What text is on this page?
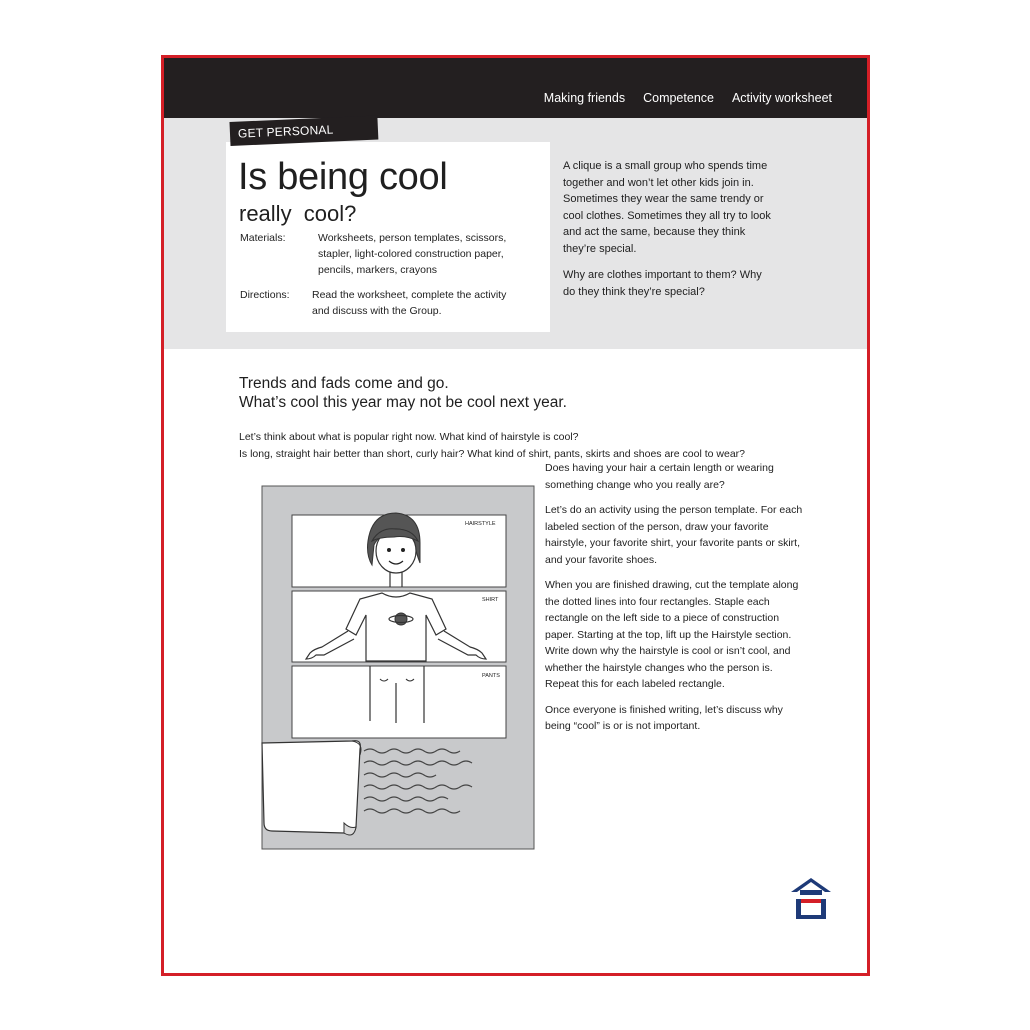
Making friends Competence Activity worksheet
GET PERSONAL
Is being cool
really  cool?
Materials:	Worksheets, person templates, scissors, stapler, light-colored construction paper, pencils, markers, crayons
Directions: Read the worksheet, complete the activity and discuss with the Group.

A clique is a small group who spends time together and won’t let other kids join in. Sometimes they wear the same trendy or cool clothes. Sometimes they all try to look and act the same, because they think they’re special.

Why are clothes important to them? Why do they think they’re special?

Trends and fads come and go.
What’s cool this year may not be cool next year.
Let’s think about what is popular right now. What kind of hairstyle is cool?
Is long, straight hair better than short, curly hair? What kind of shirt, pants, skirts and shoes are cool to wear?

Does having your hair a certain length or wearing something change who you really are?

Let’s do an activity using the person template. For each labeled section of the person, draw your favorite hairstyle, your favorite shirt, your favorite pants or skirt, and your favorite shoes.

When you are finished drawing, cut the template along the dotted lines into four rectangles. Staple each rectangle on the left side to a piece of construction paper. Starting at the top, lift up the Hairstyle section. Write down why the hairstyle is cool or isn’t cool, and whether the hairstyle changes who the person is. Repeat this for each labeled rectangle.

Once everyone is finished writing, let’s discuss why being “cool” is or is not important.

HAIRSTYLE
SHIRT
PANTS
